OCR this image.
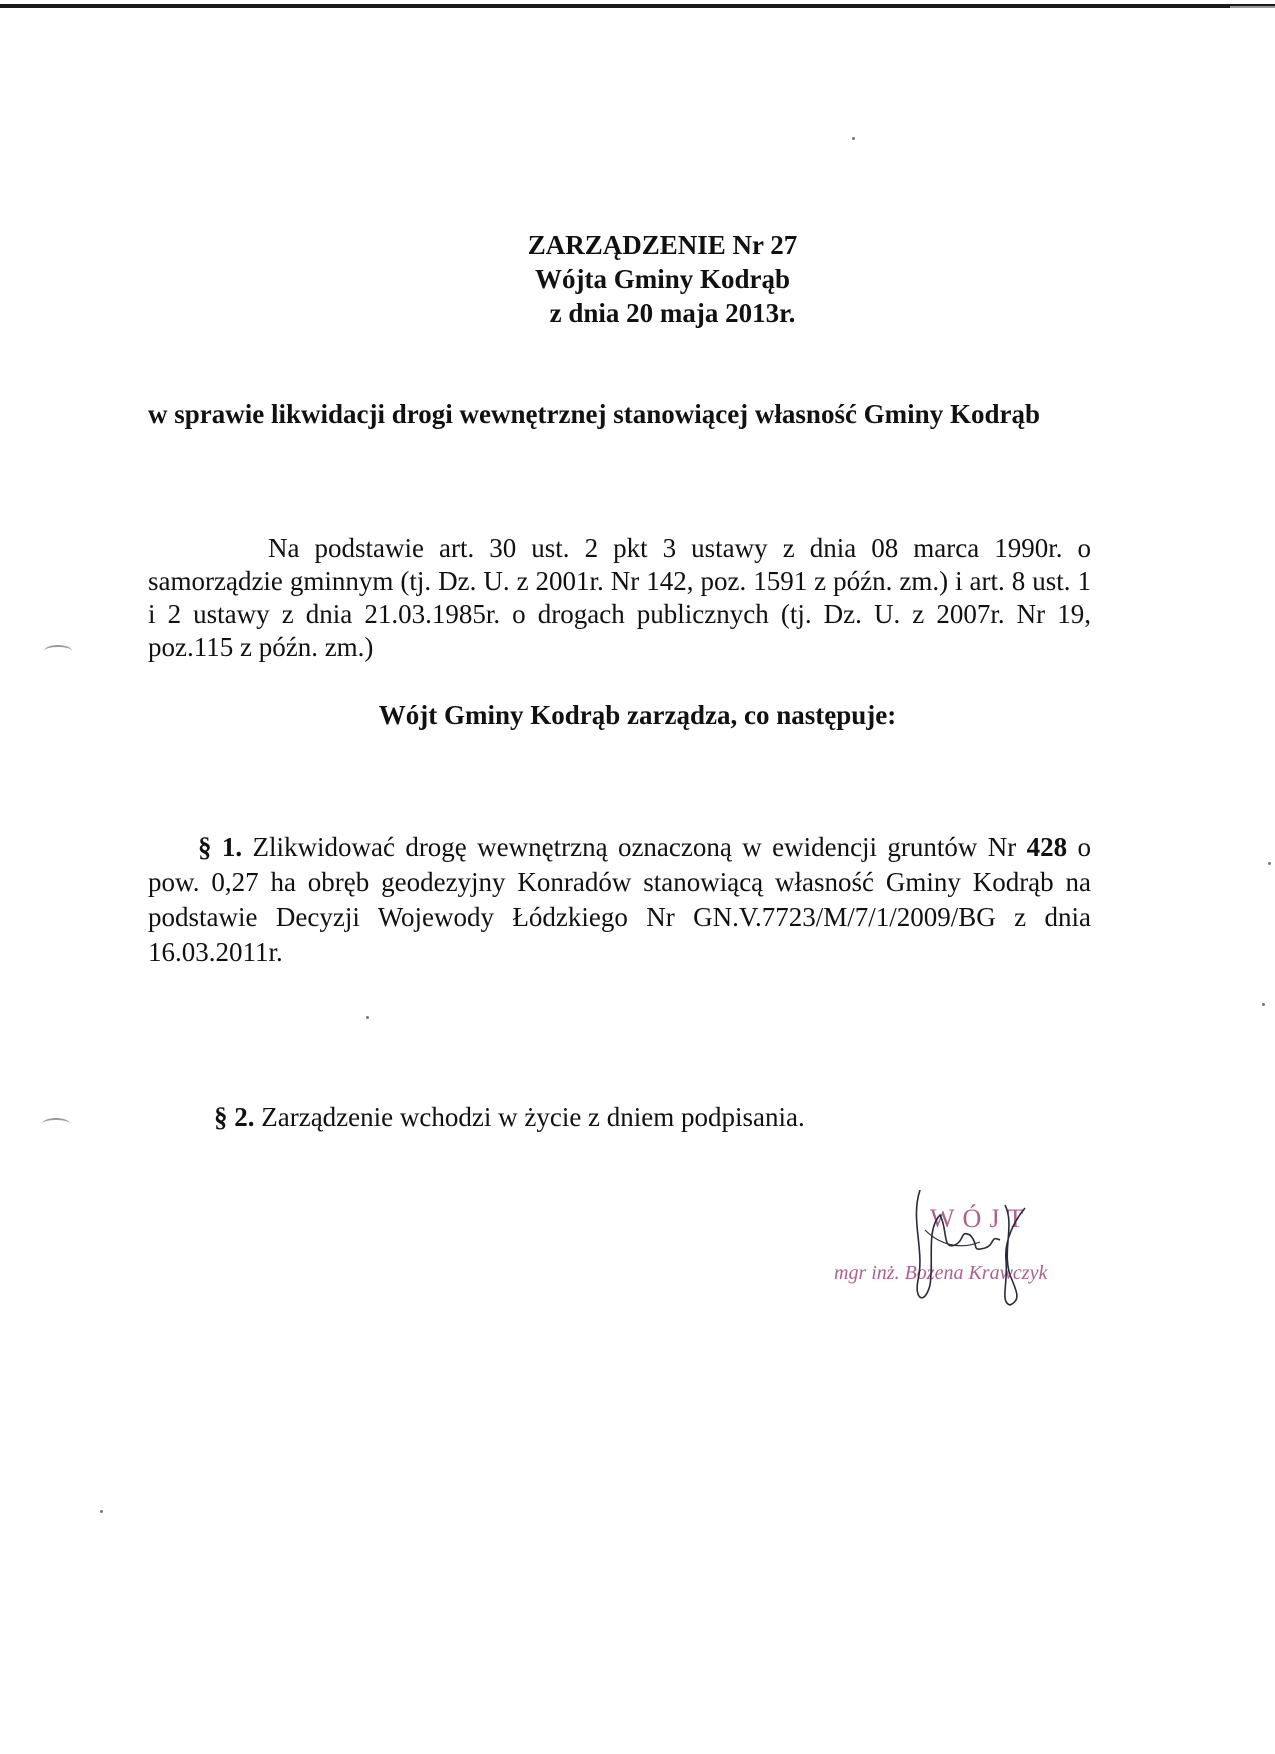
ZARZĄDZENIE Nr 27
Wójta Gminy Kodrąb
z dnia 20 maja 2013r.
w sprawie likwidacji drogi wewnętrznej stanowiącej własność Gminy Kodrąb
Na podstawie art. 30 ust. 2 pkt 3 ustawy z dnia 08 marca 1990r. o samorządzie gminnym (tj. Dz. U. z 2001r. Nr 142, poz. 1591 z późn. zm.) i art. 8 ust. 1 i 2 ustawy z dnia 21.03.1985r. o drogach publicznych (tj. Dz. U. z 2007r. Nr 19, poz.115 z późn. zm.)
Wójt Gminy Kodrąb zarządza, co następuje:
§ 1. Zlikwidować drogę wewnętrzną oznaczoną w ewidencji gruntów Nr 428 o pow. 0,27 ha obręb geodezyjny Konradów stanowiącą własność Gminy Kodrąb na podstawie Decyzji Wojewody Łódzkiego Nr GN.V.7723/M/7/1/2009/BG z dnia 16.03.2011r.
§ 2. Zarządzenie wchodzi w życie z dniem podpisania.
WÓJT
mgr inż. Bożena Krawczyk
